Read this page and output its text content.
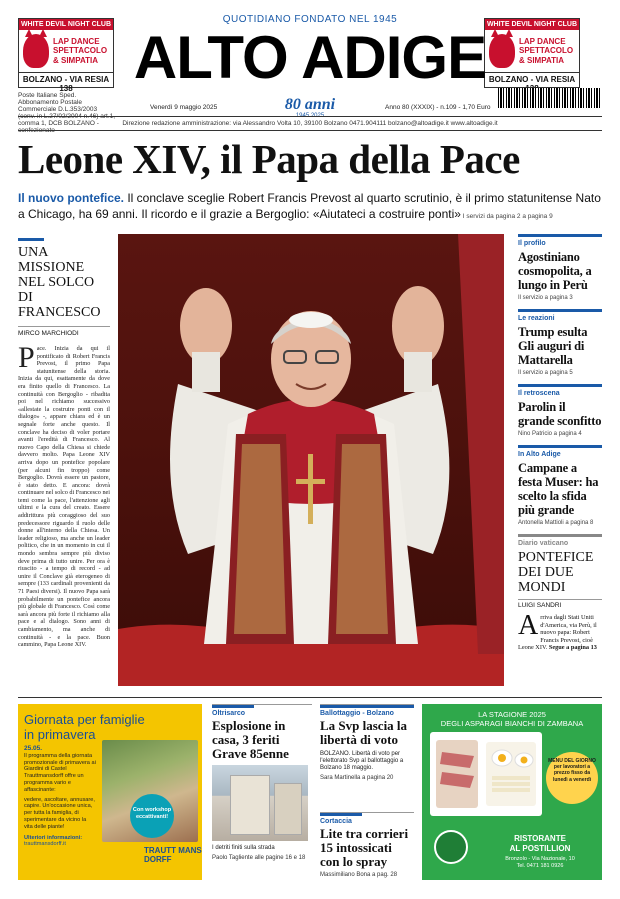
WHITE DEVIL NIGHT CLUB
LAP DANCE
SPETTACOLO
& SIMPATIA
BOLZANO - VIA RESIA 138
WHITE DEVIL NIGHT CLUB
LAP DANCE
SPETTACOLO
& SIMPATIA
BOLZANO - VIA RESIA
QUOTIDIANO FONDATO NEL 1945
ALTO ADIGE
Poste Italiane Sped. Abbonamento Postale Commerciale D.L.353/2003 comma 1, DCB BOLZANO -
Venerdì 9 maggio 2025	80 anni	Anno 80 (XXXIX) - n.109 - 1,70 Euro
Direzione redazione amministrazione: via Alessandro Volta 10, 39100 Bolzano 0471.904111 bolzano@altoadige.it www.altoadige.it
Leone XIV, il Papa della Pace
Il nuovo pontefice. Il conclave sceglie Robert Francis Prevost al quarto scrutinio, è il primo statunitense Nato a Chicago, ha 69 anni. Il ricordo e il grazie a Bergoglio: «Aiutateci a costruire ponti» I servizi da pagina 2 a pagina 9
UNA MISSIONE NEL SOLCO DI FRANCESCO
MIRCO MARCHIODI
Pace. Inizia da qui il pontificato di Robert Francis Prevost, il primo Papa statunitense della storia. Inizia da qui, esattamente da dove era finito quello di Francesco. La continuità con Bergoglio - ribadita poi nel richiamo successivo «allestate la costruire ponti con il dialogo» -, appare chiara ed è un segnale forte anche questo. Il conclave ha deciso di voler portare avanti l'eredità di Francesco. Al nuovo Capo della Chiesa si chiede davvero molto. Papa Leone XIV arriva dopo un pontefice popolare (per alcuni fin troppo) come Bergoglio. Dovrà essere un pastore, è stato detto. E ancora: dovrà continuare nel solco di Francesco nei temi come la pace, l'attenzione agli ultimi e la cura del creato. Essere addirittura più coraggioso del suo predecessore riguardo il ruolo delle donne all'interno della Chiesa. Un leader religioso, ma anche un leader politico, che in un momento in cui il mondo sembra sempre più diviso deve prima di tutto unire. Per ora è riuscito - a tempo di record - ad unire il Conclave già eterogeneo di sempre (133 cardinali provenienti da 71 Paesi diversi). Il nuovo Papa sarà probabilmente un pontefice ancora più globale di Francesco. Così come sarà ancora più forte il richiamo alla pace e al dialogo. Sono anni di cambiamento, ma anche di continuità - e la pace. Buon cammino, Papa Leone XIV.
Il profilo
Agostiniano cosmopolita, a lungo in Perù
Il servizio a pagina 3
Le reazioni
Trump esulta Gli auguri di Mattarella
Il servizio a pagina 5
Il retroscena
Parolin il grande sconfitto
Nino Patricio a pagina 4
In Alto Adige
Campane a festa Muser: ha scelto la sfida più grande
Antonella Mattioli a pagina 8
Diario vaticano
PONTEFICE DEI DUE MONDI
LUIGI SANDRI
Arriva dagli Stati Uniti d'America, via Perù, il nuovo papa: Robert Francis Prevost, cioè Leone XIV. Segue a pagina 13
Giornata per famiglie
in primavera
25.05.
Il programma della giornata promozionale di primavera ai Giardini di Castel Trauttmansdorff offre un programma vario e affascinante:
vedere, ascoltare, annusare, capire. Un'occasione unica, per tutta la famiglia, di sperimentare da vicino la vita delle piante!
Ulteriori informazioni:
trauttmansdorff.it
Con workshop eccattivanti!
TRAUTT MANS DORFF
Oltrisarco
Esplosione in casa, 3 feriti Grave 85enne
I detriti finiti sulla strada
Paolo Tagliente alle pagine 16 e 18
Ballottaggio - Bolzano
La Svp lascia la libertà di voto
BOLZANO. Libertà di voto per l'elettorato Svp al ballottaggio a Bolzano 18 maggio.
Sara Martinella a pagina 20
Cortaccia
Lite tra corrieri 15 intossicati con lo spray
Massimiliano Bona a pag. 28
LA STAGIONE 2025
DEGLI ASPARAGI BIANCHI DI ZAMBANA
MENU DEL GIORNO per lavoratori a prezzo fisso da lunedì a venerdì
RISTORANTE
AL POSTILLION
Bronzolo - Via Nazionale, 10
Tel. 0471 181 0926
